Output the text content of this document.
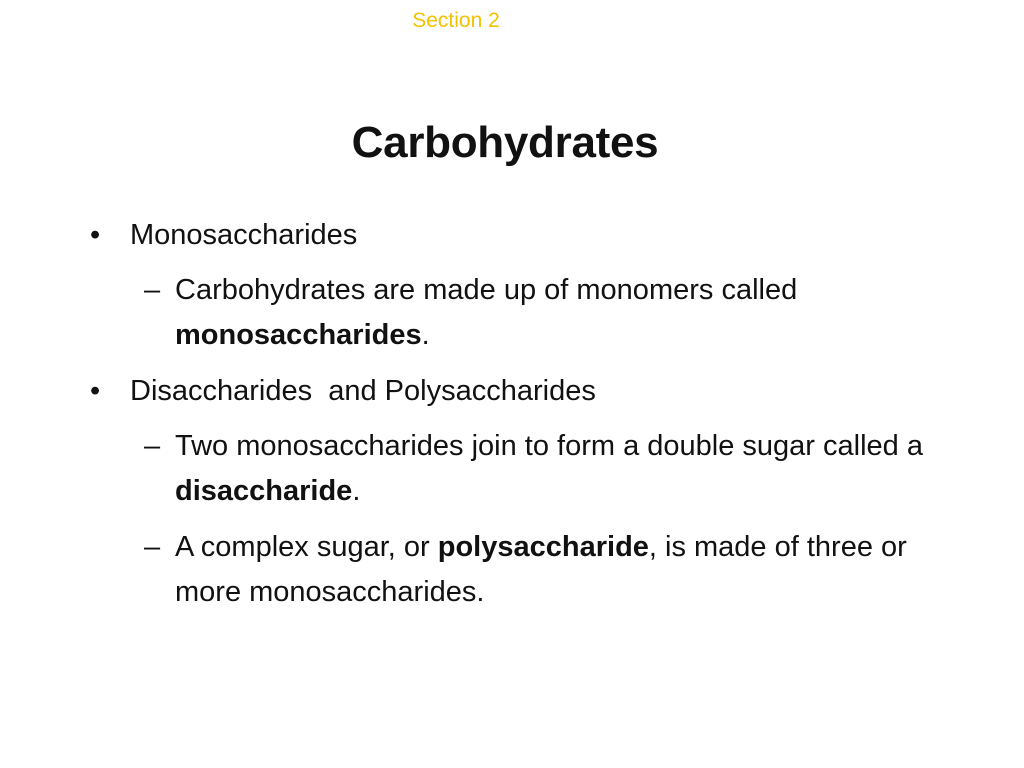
Section 2
Carbohydrates
•	Monosaccharides
– Carbohydrates are made up of monomers called monosaccharides.
•	Disaccharides  and Polysaccharides
– Two monosaccharides join to form a double sugar called a disaccharide.
– A complex sugar, or polysaccharide, is made of three or more monosaccharides.
